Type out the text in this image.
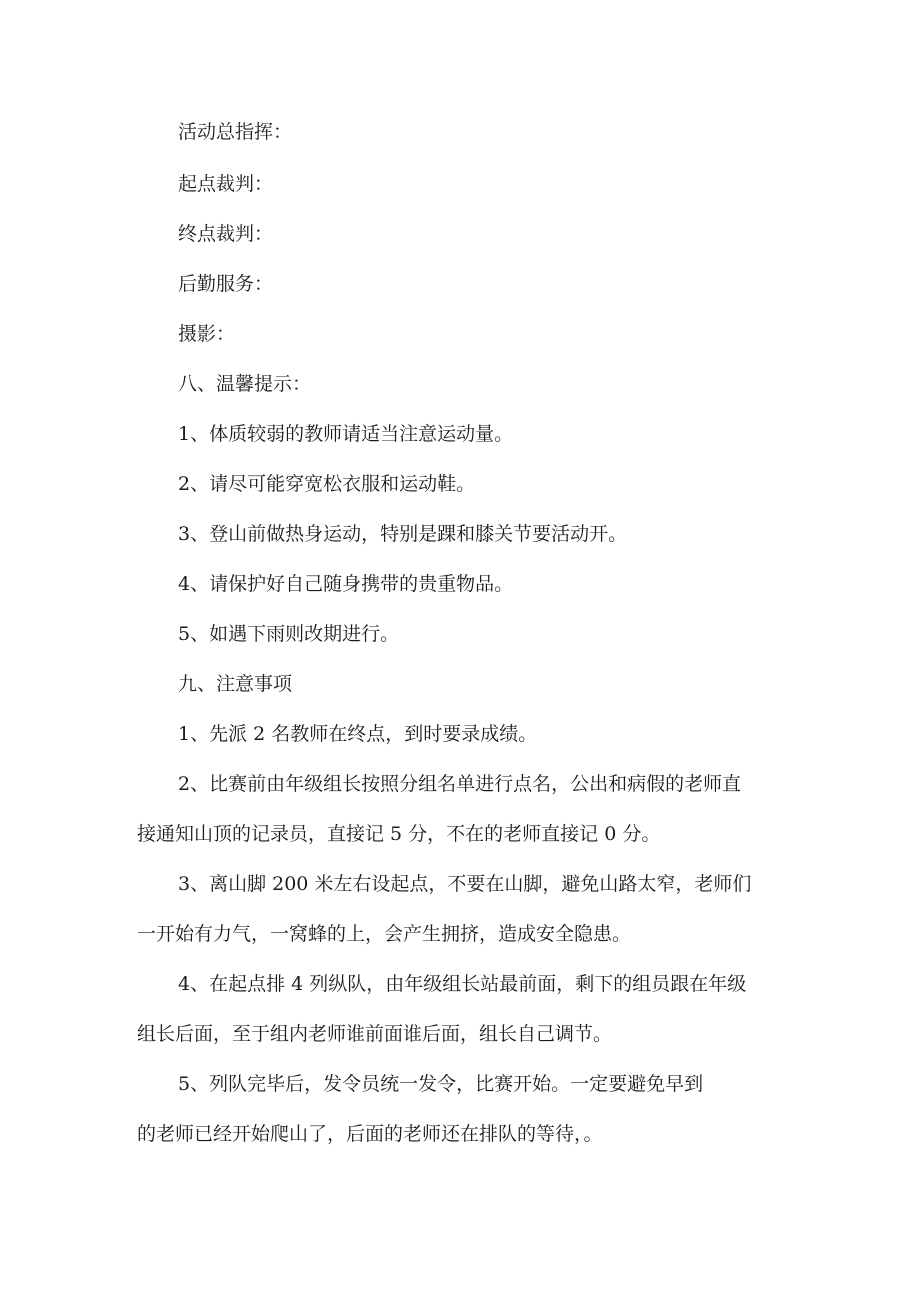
活动总指挥：
起点裁判：
终点裁判：
后勤服务：
摄影：
八、温馨提示：
1、体质较弱的教师请适当注意运动量。
2、请尽可能穿宽松衣服和运动鞋。
3、登山前做热身运动，特别是踝和膝关节要活动开。
4、请保护好自己随身携带的贵重物品。
5、如遇下雨则改期进行。
九、注意事项
1、先派 2 名教师在终点，到时要录成绩。
2、比赛前由年级组长按照分组名单进行点名，公出和病假的老师直
接通知山顶的记录员，直接记 5 分，不在的老师直接记 0 分。
3、离山脚 200 米左右设起点，不要在山脚，避免山路太窄，老师们
一开始有力气，一窝蜂的上，会产生拥挤，造成安全隐患。
4、在起点排 4 列纵队，由年级组长站最前面，剩下的组员跟在年级
组长后面，至于组内老师谁前面谁后面，组长自己调节。
5、列队完毕后，发令员统一发令，比赛开始。一定要避免早到
的老师已经开始爬山了，后面的老师还在排队的等待，。
